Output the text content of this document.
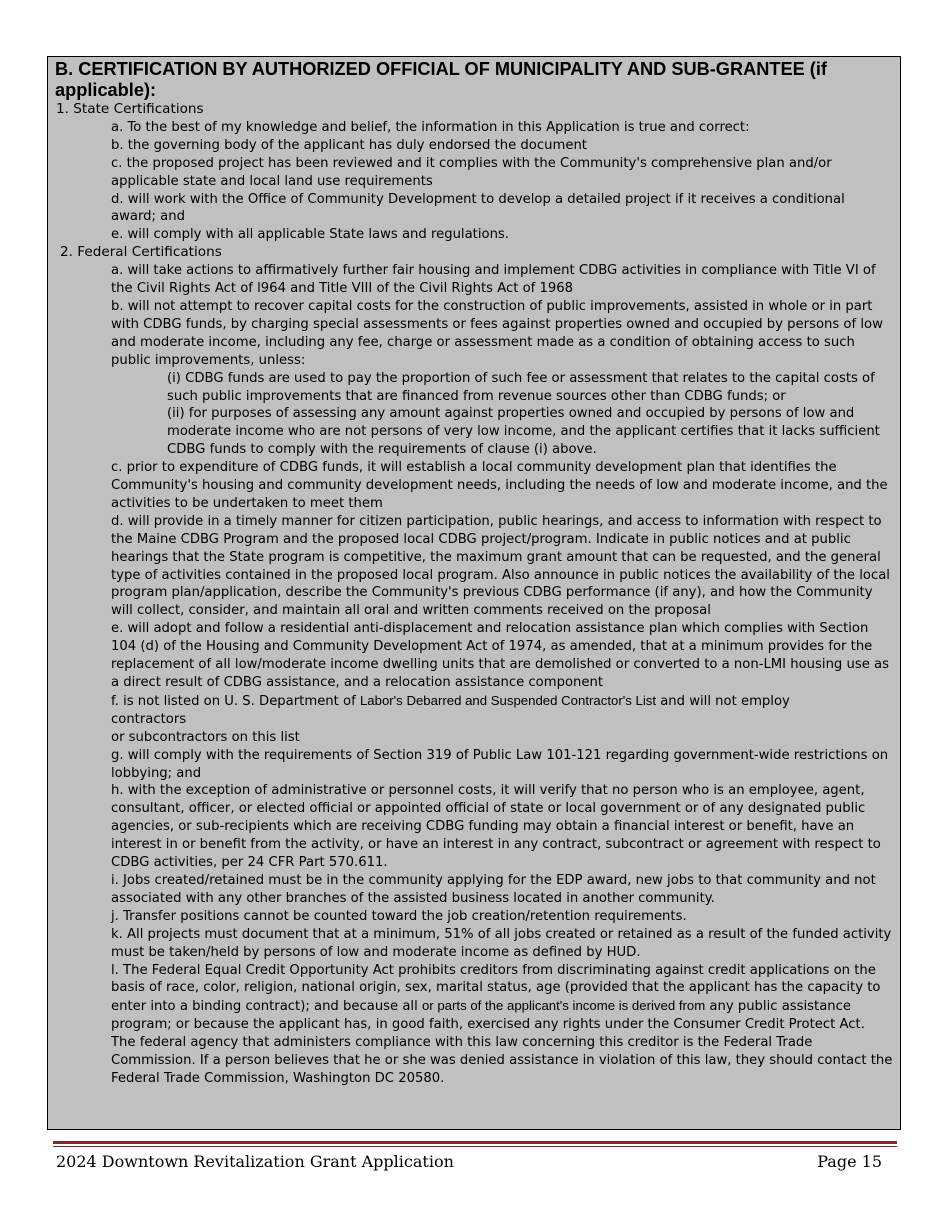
B. CERTIFICATION BY AUTHORIZED OFFICIAL OF MUNICIPALITY AND SUB-GRANTEE (if applicable):
1. State Certifications
a. To the best of my knowledge and belief, the information in this Application is true and correct:
b. the governing body of the applicant has duly endorsed the document
c. the proposed project has been reviewed and it complies with the Community's comprehensive plan and/or applicable state and local land use requirements
d. will work with the Office of Community Development to develop a detailed project if it receives a conditional award; and
e. will comply with all applicable State laws and regulations.
2. Federal Certifications
a. will take actions to affirmatively further fair housing and implement CDBG activities in compliance with Title VI of the Civil Rights Act of l964 and Title VIII of the Civil Rights Act of 1968
b. will not attempt to recover capital costs for the construction of public improvements, assisted in whole or in part with CDBG funds, by charging special assessments or fees against properties owned and occupied by persons of low and moderate income, including any fee, charge or assessment made as a condition of obtaining access to such public improvements, unless:
(i) CDBG funds are used to pay the proportion of such fee or assessment that relates to the capital costs of such public improvements that are financed from revenue sources other than CDBG funds; or
(ii) for purposes of assessing any amount against properties owned and occupied by persons of low and moderate income who are not persons of very low income, and the applicant certifies that it lacks sufficient CDBG funds to comply with the requirements of clause (i) above.
c. prior to expenditure of CDBG funds, it will establish a local community development plan that identifies the Community's housing and community development needs, including the needs of low and moderate income, and the activities to be undertaken to meet them
d. will provide in a timely manner for citizen participation, public hearings, and access to information with respect to the Maine CDBG Program and the proposed local CDBG project/program. Indicate in public notices and at public hearings that the State program is competitive, the maximum grant amount that can be requested, and the general type of activities contained in the proposed local program. Also announce in public notices the availability of the local program plan/application, describe the Community's previous CDBG performance (if any), and how the Community will collect, consider, and maintain all oral and written comments received on the proposal
e. will adopt and follow a residential anti-displacement and relocation assistance plan which complies with Section 104 (d) of the Housing and Community Development Act of 1974, as amended, that at a minimum provides for the replacement of all low/moderate income dwelling units that are demolished or converted to a non-LMI housing use as a direct result of CDBG assistance, and a relocation assistance component
f. is not listed on U. S. Department of Labor's Debarred and Suspended Contractor's List and will not employ
contractors
or subcontractors on this list
g. will comply with the requirements of Section 319 of Public Law 101-121 regarding government-wide restrictions on lobbying; and
h. with the exception of administrative or personnel costs, it will verify that no person who is an employee, agent, consultant, officer, or elected official or appointed official of state or local government or of any designated public agencies, or sub-recipients which are receiving CDBG funding may obtain a financial interest or benefit, have an interest in or benefit from the activity, or have an interest in any contract, subcontract or agreement with respect to CDBG activities, per 24 CFR Part 570.611.
i. Jobs created/retained must be in the community applying for the EDP award, new jobs to that community and not associated with any other branches of the assisted business located in another community.
j. Transfer positions cannot be counted toward the job creation/retention requirements.
k. All projects must document that at a minimum, 51% of all jobs created or retained as a result of the funded activity must be taken/held by persons of low and moderate income as defined by HUD.
l. The Federal Equal Credit Opportunity Act prohibits creditors from discriminating against credit applications on the basis of race, color, religion, national origin, sex, marital status, age (provided that the applicant has the capacity to enter into a binding contract); and because all or parts of the applicant's income is derived from any public assistance program; or because the applicant has, in good faith, exercised any rights under the Consumer Credit Protect Act. The federal agency that administers compliance with this law concerning this creditor is the Federal Trade Commission. If a person believes that he or she was denied assistance in violation of this law, they should contact the Federal Trade Commission, Washington DC 20580.
2024 Downtown Revitalization Grant Application	Page 15
